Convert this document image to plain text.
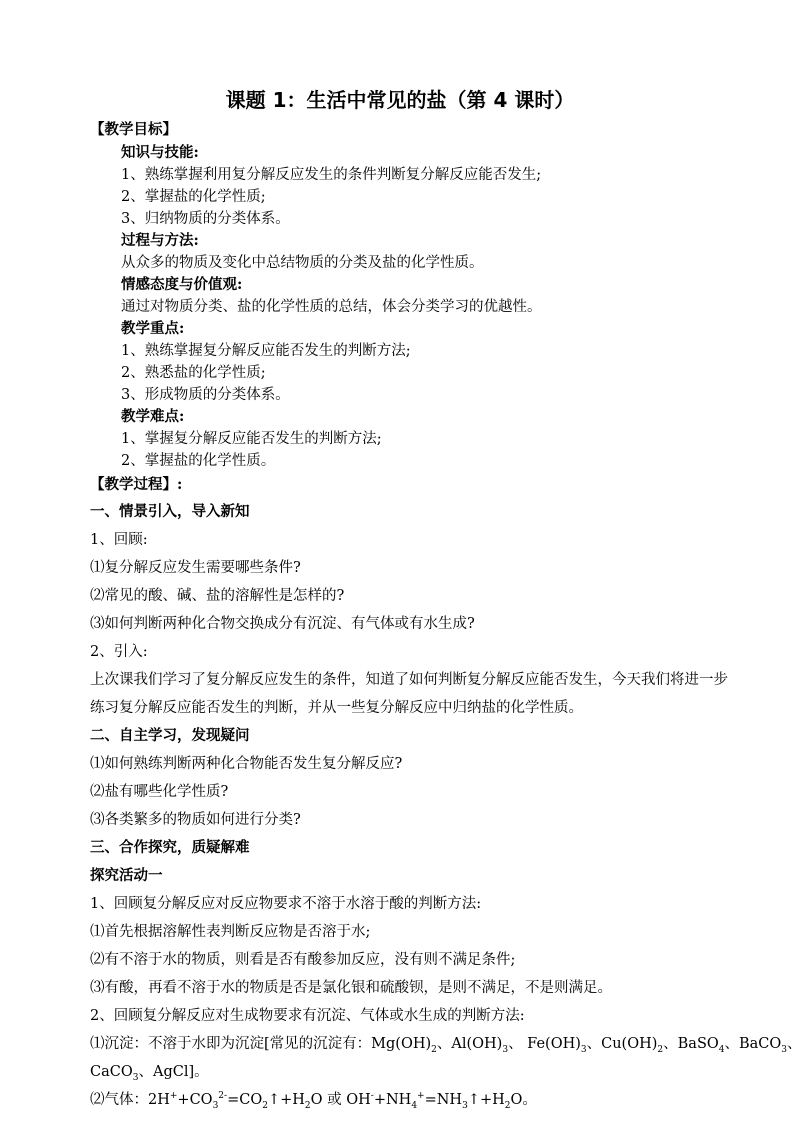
课题 1：生活中常见的盐（第 4 课时）
【教学目标】
知识与技能:
1、熟练掌握利用复分解反应发生的条件判断复分解反应能否发生;
2、掌握盐的化学性质;
3、归纳物质的分类体系。
过程与方法:
从众多的物质及变化中总结物质的分类及盐的化学性质。
情感态度与价值观:
通过对物质分类、盐的化学性质的总结，体会分类学习的优越性。
教学重点:
1、熟练掌握复分解反应能否发生的判断方法;
2、熟悉盐的化学性质;
3、形成物质的分类体系。
教学难点:
1、掌握复分解反应能否发生的判断方法;
2、掌握盐的化学性质。
【教学过程】:
一、情景引入，导入新知
1、回顾:
⑴复分解反应发生需要哪些条件?
⑵常见的酸、碱、盐的溶解性是怎样的?
⑶如何判断两种化合物交换成分有沉淀、有气体或有水生成?
2、引入:
上次课我们学习了复分解反应发生的条件，知道了如何判断复分解反应能否发生，今天我们将进一步
练习复分解反应能否发生的判断，并从一些复分解反应中归纳盐的化学性质。
二、自主学习，发现疑问
⑴如何熟练判断两种化合物能否发生复分解反应?
⑵盐有哪些化学性质?
⑶各类繁多的物质如何进行分类?
三、合作探究，质疑解难
探究活动一
1、回顾复分解反应对反应物要求不溶于水溶于酸的判断方法:
⑴首先根据溶解性表判断反应物是否溶于水;
⑵有不溶于水的物质，则看是否有酸参加反应，没有则不满足条件;
⑶有酸，再看不溶于水的物质是否是氯化银和硫酸钡，是则不满足，不是则满足。
2、回顾复分解反应对生成物要求有沉淀、气体或水生成的判断方法:
⑴沉淀：不溶于水即为沉淀[常见的沉淀有：$Mg(OH)_2$、$Al(OH)_3$、 $Fe(OH)_3$、$Cu(OH)_2$、BaSO$_4$、BaCO$_3$、
CaCO$_3$、AgCl]。
⑵气体：$2H^++CO_3^{2-}=CO_2↑+H_2O$ 或 $OH^-+NH_4^+=NH_3↑+H_2O$。
